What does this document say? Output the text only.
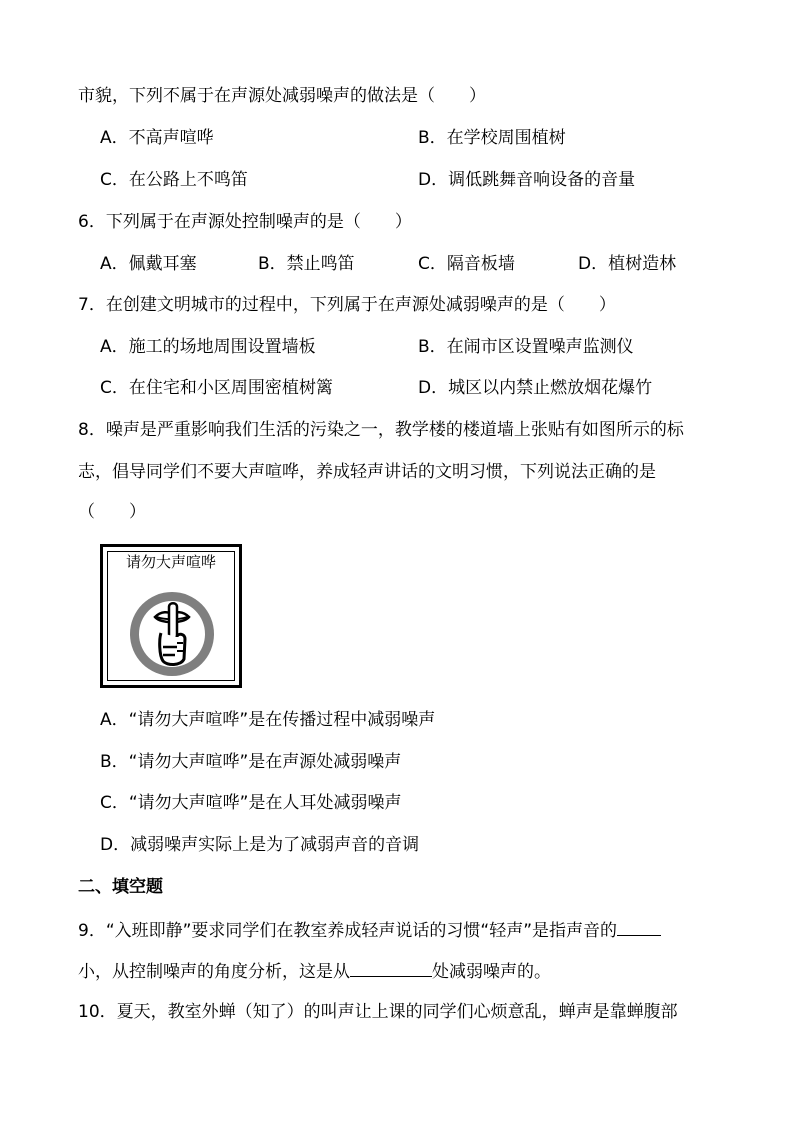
市貌，下列不属于在声源处减弱噪声的做法是（　　）
A．不高声喧哗	B．在学校周围植树
C．在公路上不鸣笛	D．调低跳舞音响设备的音量
6．下列属于在声源处控制噪声的是（　　）
A．佩戴耳塞	B．禁止鸣笛	C．隔音板墙	D．植树造林
7．在创建文明城市的过程中，下列属于在声源处减弱噪声的是（　　）
A．施工的场地周围设置墙板	B．在闹市区设置噪声监测仪
C．在住宅和小区周围密植树篱	D．城区以内禁止燃放烟花爆竹
8．噪声是严重影响我们生活的污染之一，教学楼的楼道墙上张贴有如图所示的标
志，倡导同学们不要大声喧哗，养成轻声讲话的文明习惯，下列说法正确的是
（　　）
请勿大声喧哗
A．“请勿大声喧哗”是在传播过程中减弱噪声
B．“请勿大声喧哗”是在声源处减弱噪声
C．“请勿大声喧哗”是在人耳处减弱噪声
D．减弱噪声实际上是为了减弱声音的音调
二、填空题
9．“入班即静”要求同学们在教室养成轻声说话的习惯“轻声”是指声音的
小，从控制噪声的角度分析，这是从	处减弱噪声的。
10．夏天，教室外蝉（知了）的叫声让上课的同学们心烦意乱，蝉声是靠蝉腹部
